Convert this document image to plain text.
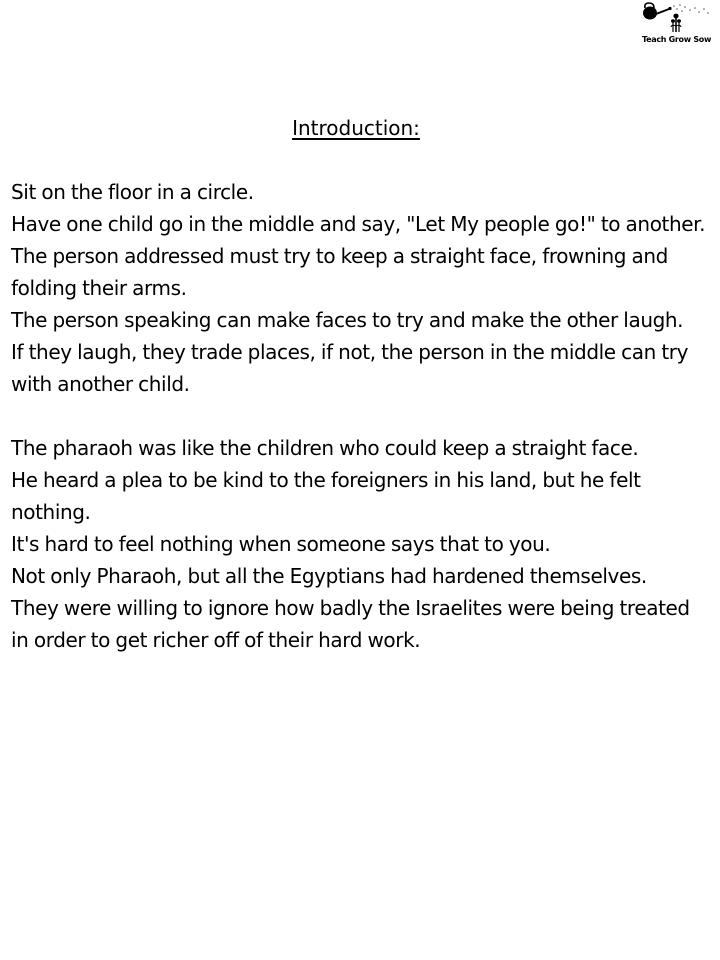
Teach Grow Sow
Introduction:

Sit on the floor in a circle.

Have one child go in the middle and say, "Let My people go!" to another.

The person addressed must try to keep a straight face, frowning and folding their arms.

The person speaking can make faces to try and make the other laugh.

If they laugh, they trade places, if not, the person in the middle can try with another child.

The pharaoh was like the children who could keep a straight face.

He heard a plea to be kind to the foreigners in his land, but he felt nothing.

It's hard to feel nothing when someone says that to you.

Not only Pharaoh, but all the Egyptians had hardened themselves.

They were willing to ignore how badly the Israelites were being treated in order to get richer off of their hard work.
